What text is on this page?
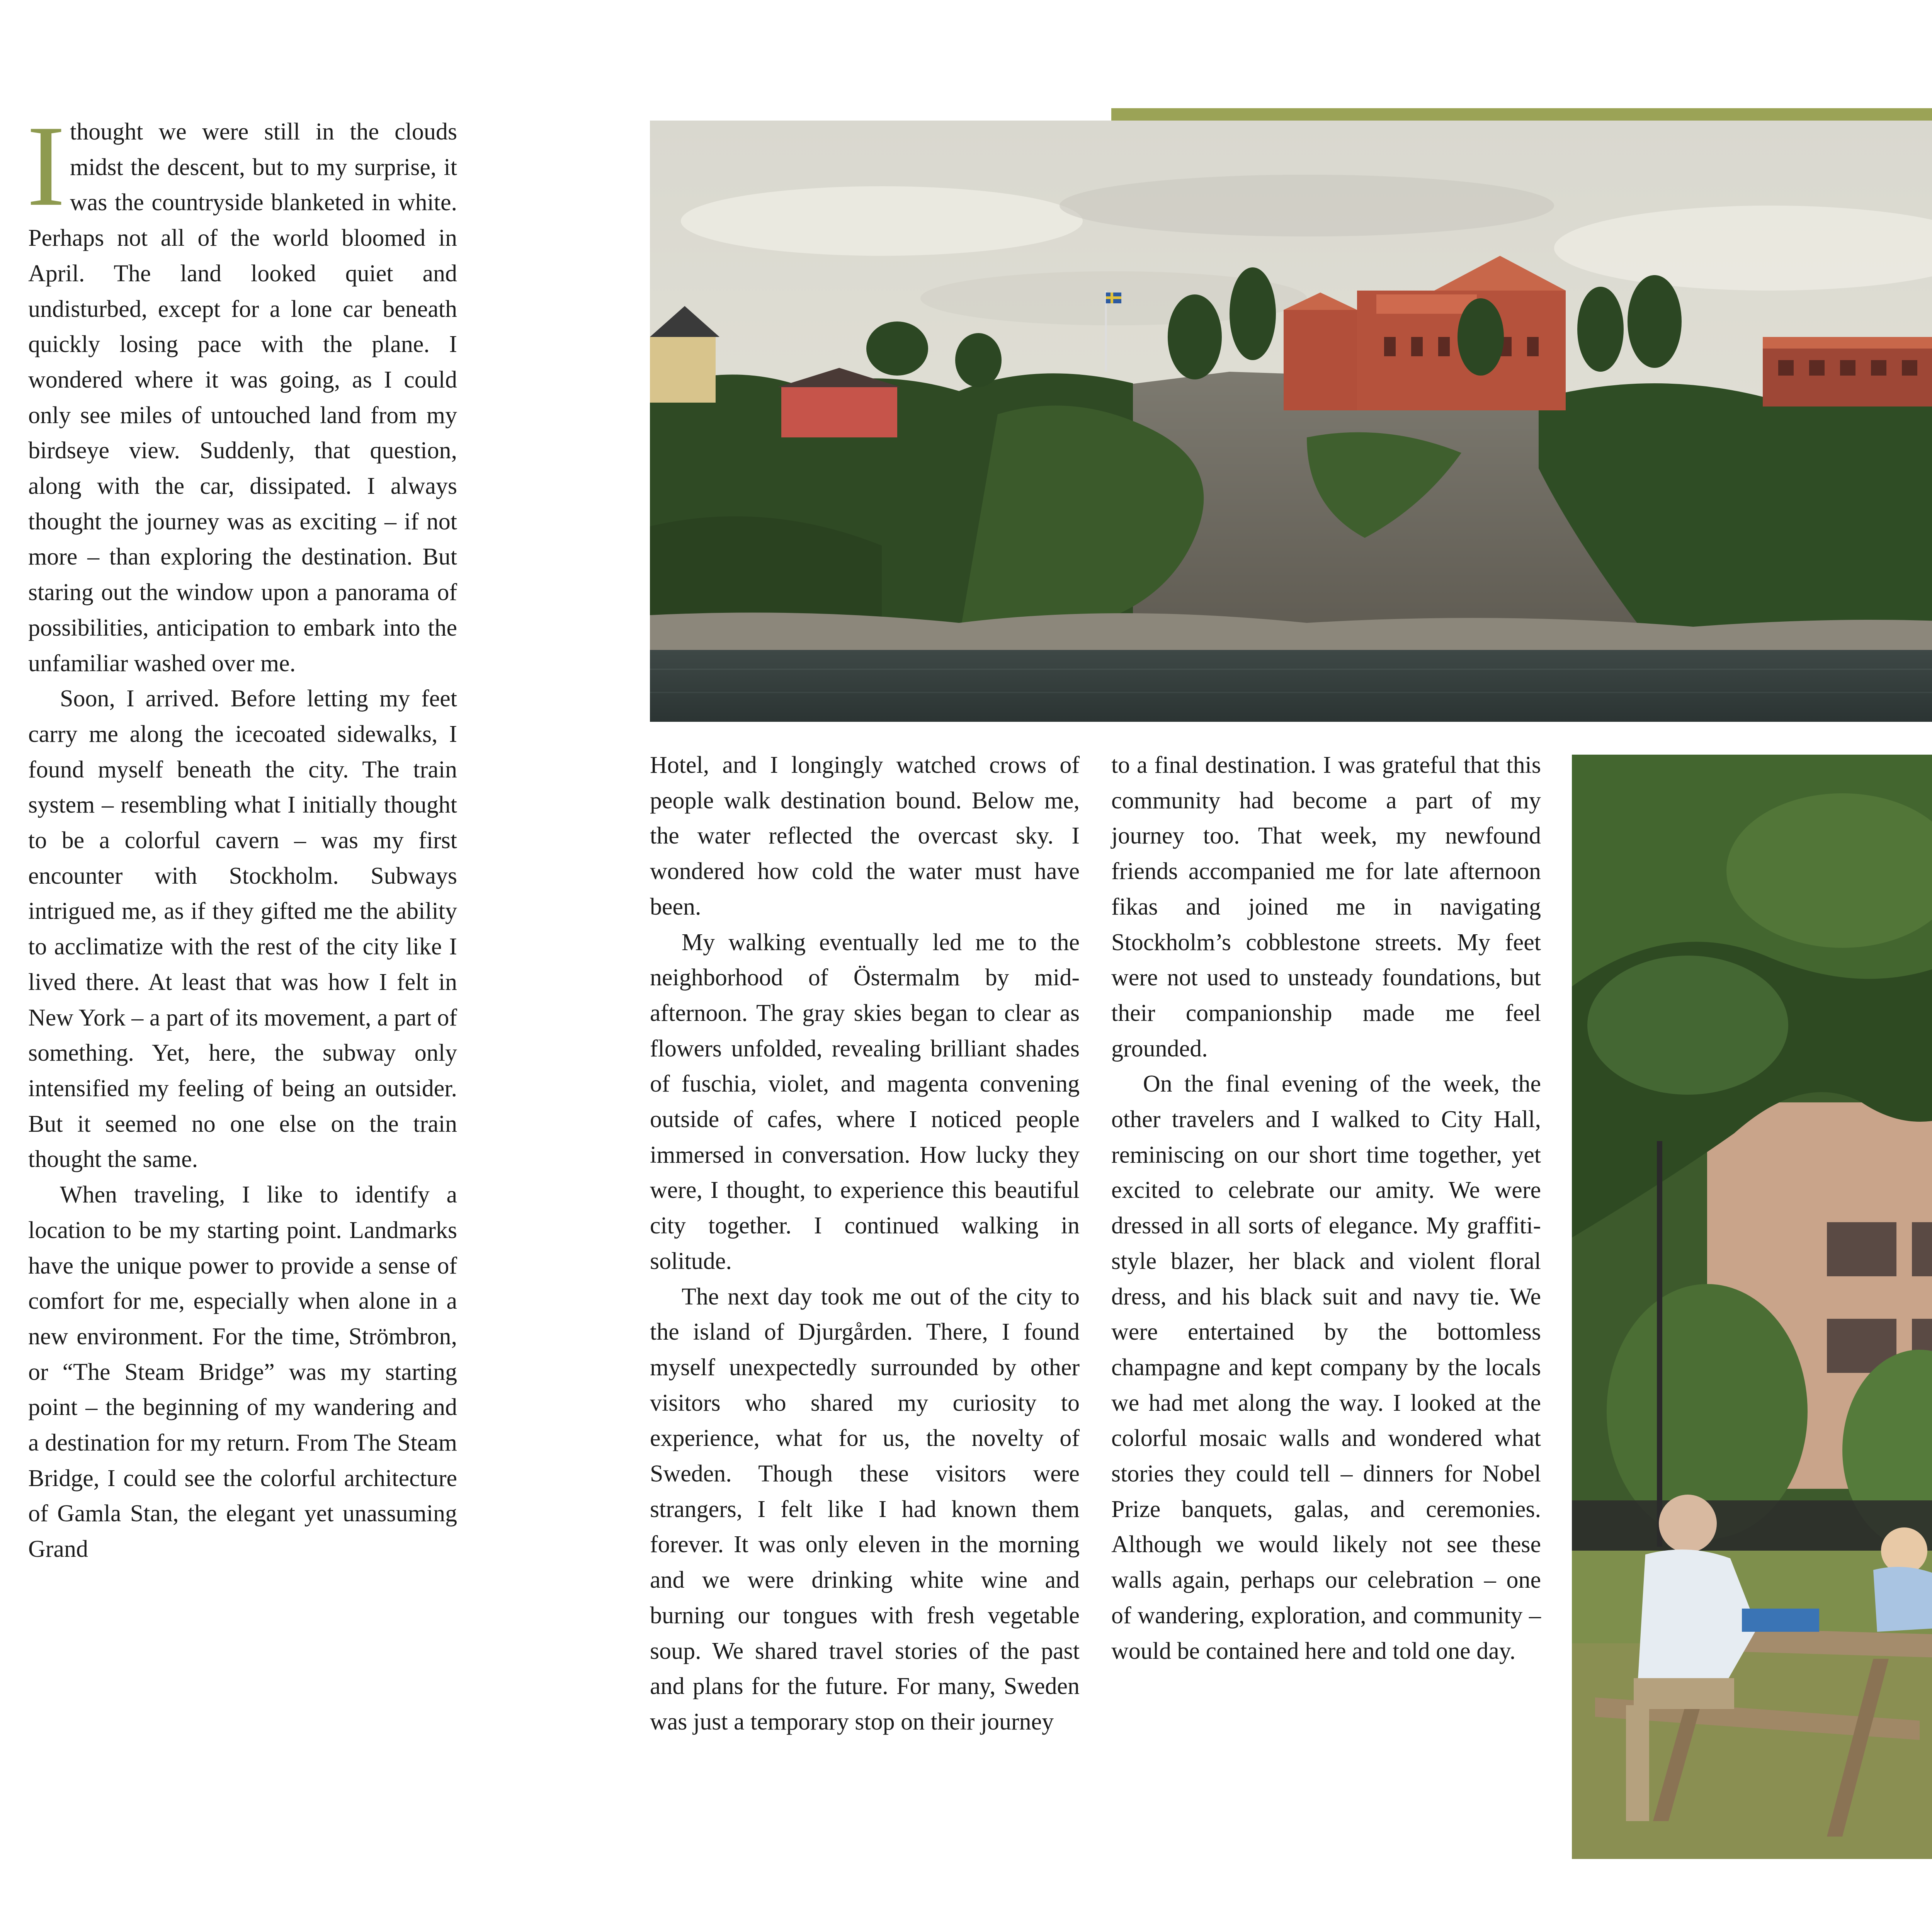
Ithought we were still in the clouds midst the descent, but to my surprise, it was the countryside blanketed in white. Perhaps not all of the world bloomed in April. The land looked quiet and undisturbed, except for a lone car beneath quickly losing pace with the plane. I wondered where it was going, as I could only see miles of untouched land from my birdseye view. Suddenly, that question, along with the car, dissipated. I always thought the journey was as exciting – if not more – than exploring the destination. But staring out the window upon a panorama of possibilities, anticipation to embark into the unfamiliar washed over me.

Soon, I arrived. Before letting my feet carry me along the icecoated sidewalks, I found myself beneath the city. The train system – resembling what I initially thought to be a colorful cavern – was my first encounter with Stockholm. Subways intrigued me, as if they gifted me the ability to acclimatize with the rest of the city like I lived there. At least that was how I felt in New York – a part of its movement, a part of something. Yet, here, the subway only intensified my feeling of being an outsider. But it seemed no one else on the train thought the same.

When traveling, I like to identify a location to be my starting point. Landmarks have the unique power to provide a sense of comfort for me, especially when alone in a new environment. For the time, Strömbron, or “The Steam Bridge” was my starting point – the beginning of my wandering and a destination for my return. From The Steam Bridge, I could see the colorful architecture of Gamla Stan, the elegant yet unassuming Grand

Hotel, and I longingly watched crows of people walk destination bound. Below me, the water reflected the overcast sky. I wondered how cold the water must have been.

My walking eventually led me to the neighborhood of Östermalm by mid-afternoon. The gray skies began to clear as flowers unfolded, revealing brilliant shades of fuschia, violet, and magenta convening outside of cafes, where I noticed people immersed in conversation. How lucky they were, I thought, to experience this beautiful city together. I continued walking in solitude.

The next day took me out of the city to the island of Djurgården. There, I found myself unexpectedly surrounded by other visitors who shared my curiosity to experience, what for us, the novelty of Sweden. Though these visitors were strangers, I felt like I had known them forever. It was only eleven in the morning and we were drinking white wine and burning our tongues with fresh vegetable soup. We shared travel stories of the past and plans for the future. For many, Sweden was just a temporary stop on their journey

to a final destination. I was grateful that this community had become a part of my journey too. That week, my newfound friends accompanied me for late afternoon fikas and joined me in navigating Stockholm’s cobblestone streets. My feet were not used to unsteady foundations, but their companionship made me feel grounded.

On the final evening of the week, the other travelers and I walked to City Hall, reminiscing on our short time together, yet excited to celebrate our amity. We were dressed in all sorts of elegance. My graffiti-style blazer, her black and violent floral dress, and his black suit and navy tie. We were entertained by the bottomless champagne and kept company by the locals we had met along the way. I looked at the colorful mosaic walls and wondered what stories they could tell – dinners for Nobel Prize banquets, galas, and ceremonies. Although we would likely not see these walls again, perhaps our celebration – one of wandering, exploration, and community – would be contained here and told one day.
